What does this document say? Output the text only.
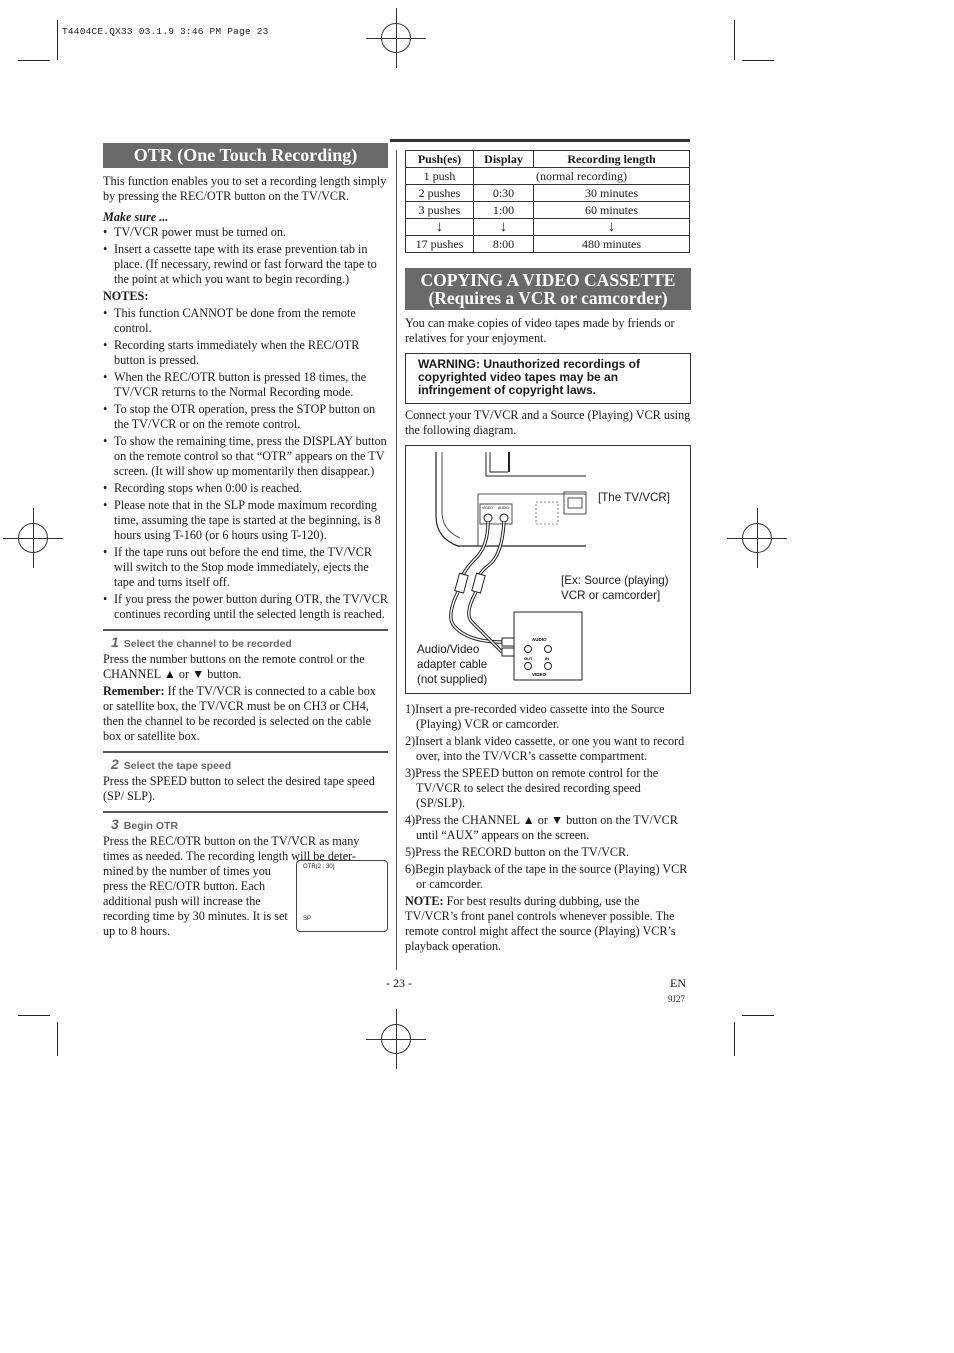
T4404CE.QX33 03.1.9 3:46 PM Page 23
OTR (One Touch Recording)

This function enables you to set a recording length simply by pressing the REC/OTR button on the TV/VCR.

Make sure ...

• TV/VCR power must be turned on.
• Insert a cassette tape with its erase prevention tab in place. (If necessary, rewind or fast forward the tape to the point at which you want to begin recording.)

NOTES:

• This function CANNOT be done from the remote control.
• Recording starts immediately when the REC/OTR button is pressed.
• When the REC/OTR button is pressed 18 times, the TV/VCR returns to the Normal Recording mode.
• To stop the OTR operation, press the STOP button on the TV/VCR or on the remote control.
• To show the remaining time, press the DISPLAY button on the remote control so that “OTR” appears on the TV screen. (It will show up momentarily then disappear.)
• Recording stops when 0:00 is reached.
• Please note that in the SLP mode maximum recording time, assuming the tape is started at the beginning, is 8 hours using T-160 (or 6 hours using T-120).
• If the tape runs out before the end time, the TV/VCR will switch to the Stop mode immediately, ejects the tape and turns itself off.
• If you press the power button during OTR, the TV/VCR continues recording until the selected length is reached.
1 Select the channel to be recorded

Press the number buttons on the remote control or the CHANNEL ▲ or ▼ button.

Remember: If the TV/VCR is connected to a cable box or satellite box, the TV/VCR must be on CH3 or CH4, then the channel to be recorded is selected on the cable box or satellite box.

2 Select the tape speed

Press the SPEED button to select the desired tape speed (SP/ SLP).

3 Begin OTR

Press the REC/OTR button on the TV/VCR as many times as needed. The recording length will be deter-

mined by the number of times you press the REC/OTR button. Each additional push will increase the recording time by 30 minutes. It is set up to 8 hours.

OTR(2 : 30)
SP
Push(es)	Display	Recording length
1 push	(normal recording)	
2 pushes	0:30	30 minutes
3 pushes	1:00	60 minutes
↓	↓	↓
17 pushes	8:00	480 minutes
COPYING A VIDEO CASSETTE
(Requires a VCR or camcorder)

You can make copies of video tapes made by friends or relatives for your enjoyment.

WARNING: Unauthorized recordings of copyrighted video tapes may be an infringement of copyright laws.

Connect your TV/VCR and a Source (Playing) VCR using the following diagram.

VIDEO AUDIO
AUDIO
OUT	IN
VIDEO
[The TV/VCR]
[Ex: Source (playing)
VCR or camcorder]
Audio/Video
adapter cable
(not supplied)
1)Insert a pre-recorded video cassette into the Source (Playing) VCR or camcorder.
2)Insert a blank video cassette, or one you want to record over, into the TV/VCR’s cassette compartment.
3)Press the SPEED button on remote control for the TV/VCR to select the desired recording speed (SP/SLP).
4)Press the CHANNEL ▲ or ▼ button on the TV/VCR until “AUX” appears on the screen.
5)Press the RECORD button on the TV/VCR.
6)Begin playback of the tape in the source (Playing) VCR or camcorder.

NOTE: For best results during dubbing, use the TV/VCR’s front panel controls whenever possible. The remote control might affect the source (Playing) VCR’s playback operation.

- 23 -	EN
9J27
